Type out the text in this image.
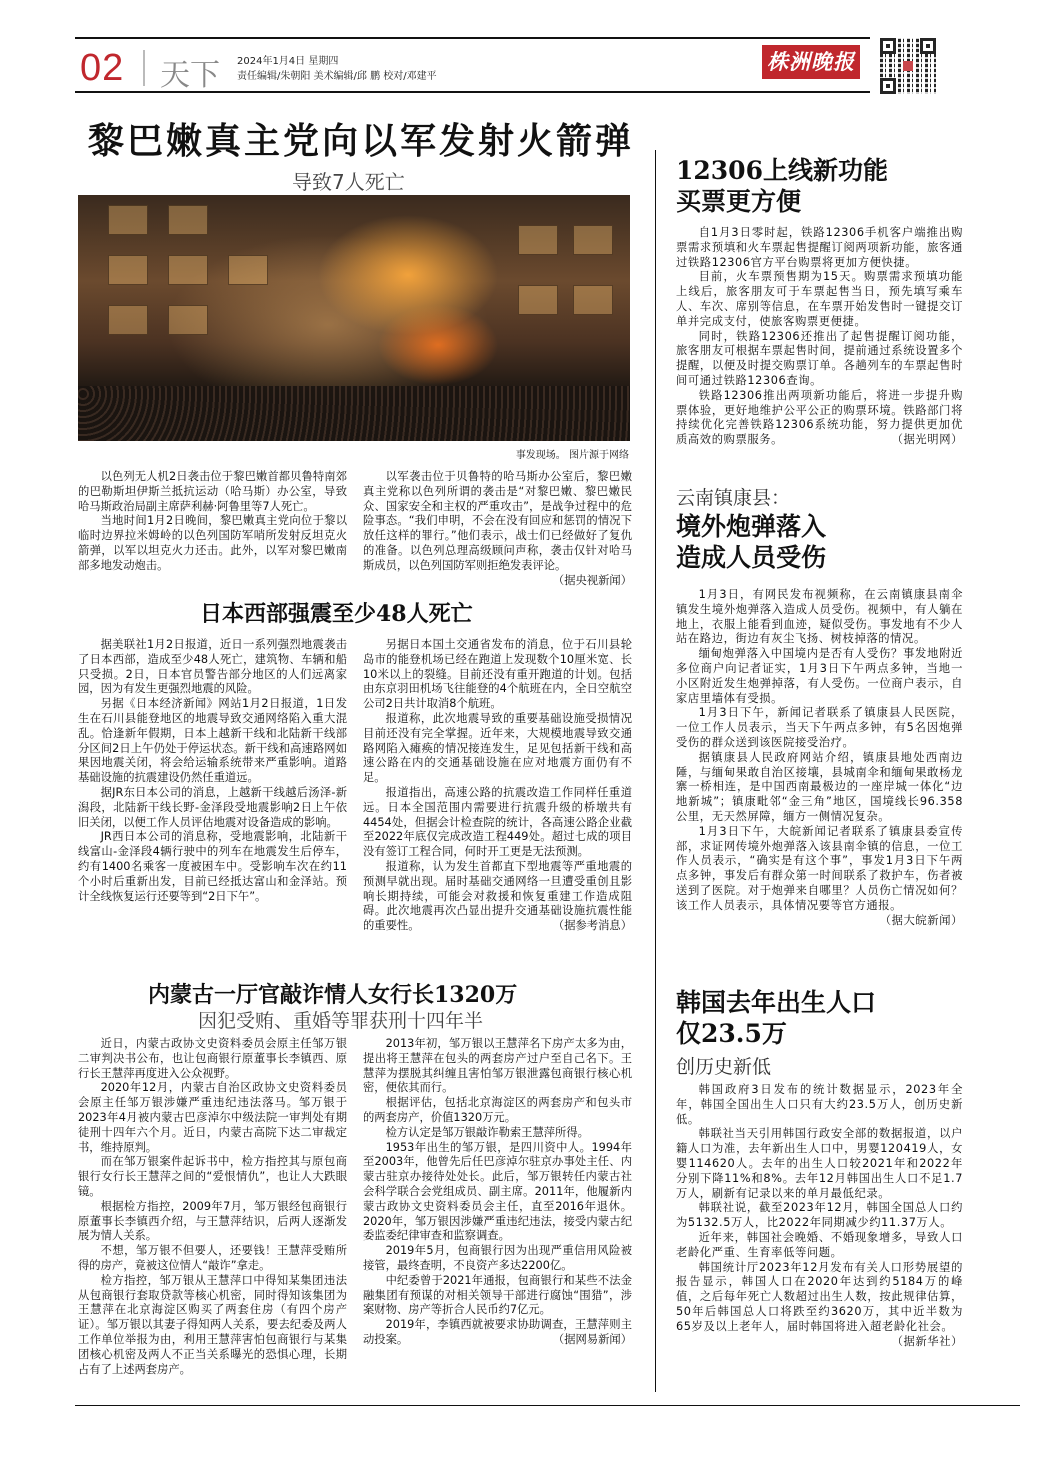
02 天下 2024年1月4日 星期四
责任编辑/朱朝阳 美术编辑/邱 鹏 校对/邓建平
株洲晚报
黎巴嫩真主党向以军发射火箭弹
导致7人死亡
事发现场。 图片源于网络

以色列无人机2日袭击位于黎巴嫩首都贝鲁特南郊的巴勒斯坦伊斯兰抵抗运动（哈马斯）办公室，导致哈马斯政治局副主席萨利赫·阿鲁里等7人死亡。

当地时间1月2日晚间，黎巴嫩真主党向位于黎以临时边界拉米姆岭的以色列国防军哨所发射反坦克火箭弹，以军以坦克火力还击。此外，以军对黎巴嫩南部多地发动炮击。

以军袭击位于贝鲁特的哈马斯办公室后，黎巴嫩真主党称以色列所谓的袭击是“对黎巴嫩、黎巴嫩民众、国家安全和主权的严重攻击”，是战争过程中的危险事态。“我们申明，不会在没有回应和惩罚的情况下放任这样的罪行。”他们表示，战士们已经做好了复仇的准备。以色列总理高级顾问声称，袭击仅针对哈马斯成员，以色列国防军则拒绝发表评论。
（据央视新闻）

日本西部强震至少48人死亡

据美联社1月2日报道，近日一系列强烈地震袭击了日本西部，造成至少48人死亡，建筑物、车辆和船只受损。2日，日本官员警告部分地区的人们远离家园，因为有发生更强烈地震的风险。

另据《日本经济新闻》网站1月2日报道，1日发生在石川县能登地区的地震导致交通网络陷入重大混乱。恰逢新年假期，日本上越新干线和北陆新干线部分区间2日上午仍处于停运状态。新干线和高速路网如果因地震关闭，将会给运输系统带来严重影响。道路基础设施的抗震建设仍然任重道远。

据JR东日本公司的消息，上越新干线越后汤泽-新潟段，北陆新干线长野-金泽段受地震影响2日上午依旧关闭，以便工作人员评估地震对设备造成的影响。

JR西日本公司的消息称，受地震影响，北陆新干线富山-金泽段4辆行驶中的列车在地震发生后停车，约有1400名乘客一度被困车中。受影响车次在约11个小时后重新出发，目前已经抵达富山和金泽站。预计全线恢复运行还要等到“2日下午”。

另据日本国土交通省发布的消息，位于石川县轮岛市的能登机场已经在跑道上发现数个10厘米宽、长10米以上的裂缝。目前还没有重开跑道的计划。包括由东京羽田机场飞往能登的4个航班在内，全日空航空公司2日共计取消8个航班。

报道称，此次地震导致的重要基础设施受损情况目前还没有完全掌握。近年来，大规模地震导致交通路网陷入瘫痪的情况接连发生，足见包括新干线和高速公路在内的交通基础设施在应对地震方面仍有不足。

报道指出，高速公路的抗震改造工作同样任重道远。日本全国范围内需要进行抗震升级的桥墩共有4454处，但据会计检查院的统计，各高速公路企业截至2022年底仅完成改造工程449处。超过七成的项目没有签订工程合同，何时开工更是无法预测。

报道称，认为发生首都直下型地震等严重地震的预测早就出现。届时基础交通网络一旦遭受重创且影响长期持续，可能会对救援和恢复重建工作造成阻碍。此次地震再次凸显出提升交通基础设施抗震性能的重要性。	（据参考消息）

内蒙古一厅官敲诈情人女行长1320万
因犯受贿、重婚等罪获刑十四年半

近日，内蒙古政协文史资料委员会原主任邹万银二审判决书公布，也让包商银行原董事长李镇西、原行长王慧萍再度进入公众视野。

2020年12月，内蒙古自治区政协文史资料委员会原主任邹万银涉嫌严重违纪违法落马。邹万银于2023年4月被内蒙古巴彦淖尔中级法院一审判处有期徒刑十四年六个月。近日，内蒙古高院下达二审裁定书，维持原判。

而在邹万银案件起诉书中，检方指控其与原包商银行女行长王慧萍之间的“爱恨情仇”，也让人大跌眼镜。

根据检方指控，2009年7月，邹万银经包商银行原董事长李镇西介绍，与王慧萍结识，后两人逐渐发展为情人关系。

不想，邹万银不但要人，还要钱！王慧萍受贿所得的房产，竟被这位情人“敲诈”拿走。

检方指控，邹万银从王慧萍口中得知某集团违法从包商银行套取贷款等核心机密，同时得知该集团为王慧萍在北京海淀区购买了两套住房（有四个房产证）。邹万银以其妻子得知两人关系，要去纪委及两人工作单位举报为由，利用王慧萍害怕包商银行与某集团核心机密及两人不正当关系曝光的恐惧心理，长期占有了上述两套房产。

2013年初，邹万银以王慧萍名下房产太多为由，提出将王慧萍在包头的两套房产过户至自己名下。王慧萍为摆脱其纠缠且害怕邹万银泄露包商银行核心机密，便依其而行。

根据评估，包括北京海淀区的两套房产和包头市的两套房产，价值1320万元。

检方认定是邹万银敲诈勒索王慧萍所得。

1953年出生的邹万银，是四川资中人。1994年至2003年，他曾先后任巴彦淖尔驻京办事处主任、内蒙古驻京办接待处处长。此后，邹万银转任内蒙古社会科学联合会党组成员、副主席。2011年，他履新内蒙古政协文史资料委员会主任，直至2016年退休。2020年，邹万银因涉嫌严重违纪违法，接受内蒙古纪委监委纪律审查和监察调查。

2019年5月，包商银行因为出现严重信用风险被接管，最终查明，不良资产多达2200亿。

中纪委曾于2021年通报，包商银行和某些不法金融集团有预谋的对相关领导干部进行腐蚀“围猎”，涉案财物、房产等折合人民币约7亿元。

2019年，李镇西就被要求协助调查，王慧萍则主动投案。	（据网易新闻）

12306上线新功能
买票更方便

自1月3日零时起，铁路12306手机客户端推出购票需求预填和火车票起售提醒订阅两项新功能，旅客通过铁路12306官方平台购票将更加方便快捷。

目前，火车票预售期为15天。购票需求预填功能上线后，旅客朋友可于车票起售当日，预先填写乘车人、车次、席别等信息，在车票开始发售时一键提交订单并完成支付，使旅客购票更便捷。

同时，铁路12306还推出了起售提醒订阅功能，旅客朋友可根据车票起售时间，提前通过系统设置多个提醒，以便及时提交购票订单。各趟列车的车票起售时间可通过铁路12306查询。

铁路12306推出两项新功能后，将进一步提升购票体验，更好地维护公平公正的购票环境。铁路部门将持续优化完善铁路12306系统功能，努力提供更加优质高效的购票服务。	（据光明网）

云南镇康县：
境外炮弹落入
造成人员受伤

1月3日，有网民发布视频称，在云南镇康县南伞镇发生境外炮弹落入造成人员受伤。视频中，有人躺在地上，衣服上能看到血迹，疑似受伤。事发地有不少人站在路边，街边有灰尘飞扬、树枝掉落的情况。

缅甸炮弹落入中国境内是否有人受伤？事发地附近多位商户向记者证实，1月3日下午两点多钟，当地一小区附近发生炮弹掉落，有人受伤。一位商户表示，自家店里墙体有受损。

1月3日下午，新闻记者联系了镇康县人民医院，一位工作人员表示，当天下午两点多钟，有5名因炮弹受伤的群众送到该医院接受治疗。

据镇康县人民政府网站介绍，镇康县地处西南边陲，与缅甸果敢自治区接壤，县城南伞和缅甸果敢杨龙寨一桥相连，是中国西南最极边的一座岸城一体化“边地新城”；镇康毗邻“金三角”地区，国境线长96.358公里，无天然屏障，缅方一侧情况复杂。

1月3日下午，大皖新闻记者联系了镇康县委宣传部，求证网传境外炮弹落入该县南伞镇的信息，一位工作人员表示，“确实是有这个事”，事发1月3日下午两点多钟，事发后有群众第一时间联系了救护车，伤者被送到了医院。对于炮弹来自哪里？人员伤亡情况如何？该工作人员表示，具体情况要等官方通报。
（据大皖新闻）

韩国去年出生人口
仅23.5万
创历史新低

韩国政府3日发布的统计数据显示，2023年全年，韩国全国出生人口只有大约23.5万人，创历史新低。

韩联社当天引用韩国行政安全部的数据报道，以户籍人口为准，去年新出生人口中，男婴120419人，女婴114620人。去年的出生人口较2021年和2022年分别下降11%和8%。去年12月韩国出生人口不足1.7万人，刷新有记录以来的单月最低纪录。

韩联社说，截至2023年12月，韩国全国总人口约为5132.5万人，比2022年同期减少约11.37万人。

近年来，韩国社会晚婚、不婚现象增多，导致人口老龄化严重、生育率低等问题。

韩国统计厅2023年12月发布有关人口形势展望的报告显示，韩国人口在2020年达到约5184万的峰值，之后每年死亡人数超过出生人数，按此规律估算，50年后韩国总人口将跌至约3620万，其中近半数为65岁及以上老年人，届时韩国将进入超老龄化社会。
（据新华社）
